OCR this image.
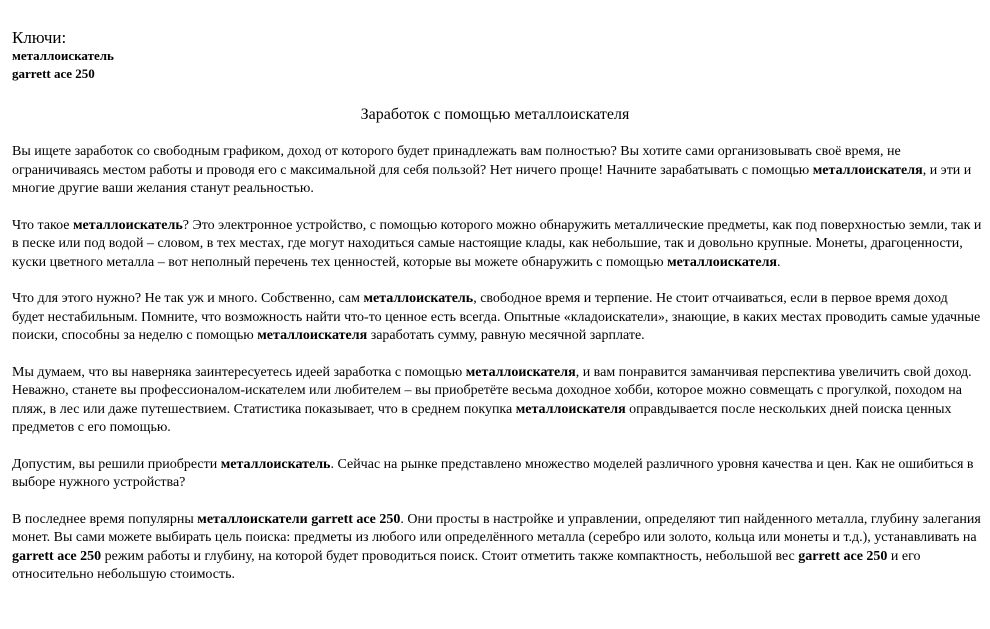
Ключи:
металлоискатель
garrett ace 250
Заработок с помощью металлоискателя

Вы ищете заработок со свободным графиком, доход от которого будет принадлежать вам полностью? Вы хотите сами организовывать своё время, не ограничиваясь местом работы и проводя его с максимальной для себя пользой? Нет ничего проще! Начните зарабатывать с помощью металлоискателя, и эти и многие другие ваши желания станут реальностью.

Что такое металлоискатель? Это электронное устройство, с помощью которого можно обнаружить металлические предметы, как под поверхностью земли, так и в песке или под водой – словом, в тех местах, где могут находиться самые настоящие клады, как небольшие, так и довольно крупные. Монеты, драгоценности, куски цветного металла – вот неполный перечень тех ценностей, которые вы можете обнаружить с помощью металлоискателя.

Что для этого нужно? Не так уж и много. Собственно, сам металлоискатель, свободное время и терпение. Не стоит отчаиваться, если в первое время доход будет нестабильным. Помните, что возможность найти что-то ценное есть всегда. Опытные «кладоискатели», знающие, в каких местах проводить самые удачные поиски, способны за неделю с помощью металлоискателя заработать сумму, равную месячной зарплате.

Мы думаем, что вы наверняка заинтересуетесь идеей заработка с помощью металлоискателя, и вам понравится заманчивая перспектива увеличить свой доход. Неважно, станете вы профессионалом-искателем или любителем – вы приобретёте весьма доходное хобби, которое можно совмещать с прогулкой, походом на пляж, в лес или даже путешествием. Статистика показывает, что в среднем покупка металлоискателя оправдывается после нескольких дней поиска ценных предметов с его помощью.

Допустим, вы решили приобрести металлоискатель. Сейчас на рынке представлено множество моделей различного уровня качества и цен. Как не ошибиться в выборе нужного устройства?

В последнее время популярны металлоискатели garrett ace 250. Они просты в настройке и управлении, определяют тип найденного металла, глубину залегания монет. Вы сами можете выбирать цель поиска: предметы из любого или определённого металла (серебро или золото, кольца или монеты и т.д.), устанавливать на garrett ace 250 режим работы и глубину, на которой будет проводиться поиск. Стоит отметить также компактность, небольшой вес garrett ace 250 и его относительно небольшую стоимость.
